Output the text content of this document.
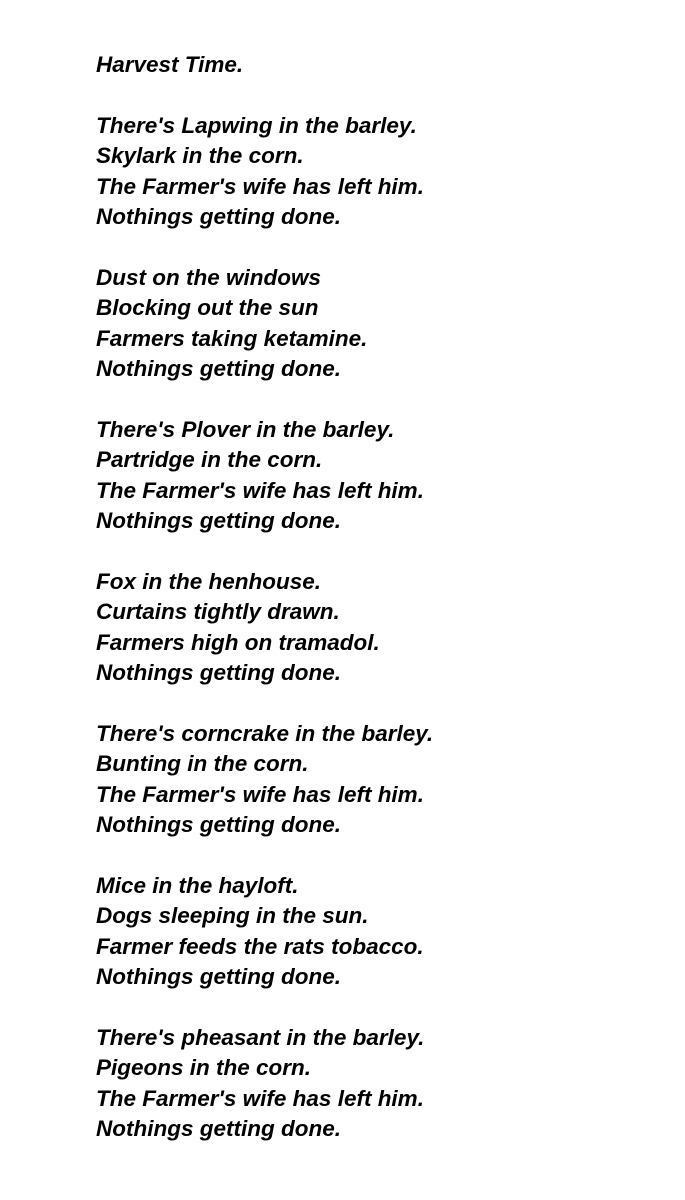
Harvest Time.
There's Lapwing in the barley.
Skylark in the corn.
The Farmer's wife has left him.
Nothings getting done.
Dust on the windows
Blocking out the sun
Farmers taking ketamine.
Nothings getting done.
There's Plover in the barley.
Partridge in the corn.
The Farmer's wife has left him.
Nothings getting done.
Fox in the henhouse.
Curtains tightly drawn.
Farmers high on tramadol.
Nothings getting done.
There's corncrake in the barley.
Bunting in the corn.
The Farmer's wife has left him.
Nothings getting done.
Mice in the hayloft.
Dogs sleeping in the sun.
Farmer feeds the rats tobacco.
Nothings getting done.
There's pheasant in the barley.
Pigeons in the corn.
The Farmer's wife has left him.
Nothings getting done.
